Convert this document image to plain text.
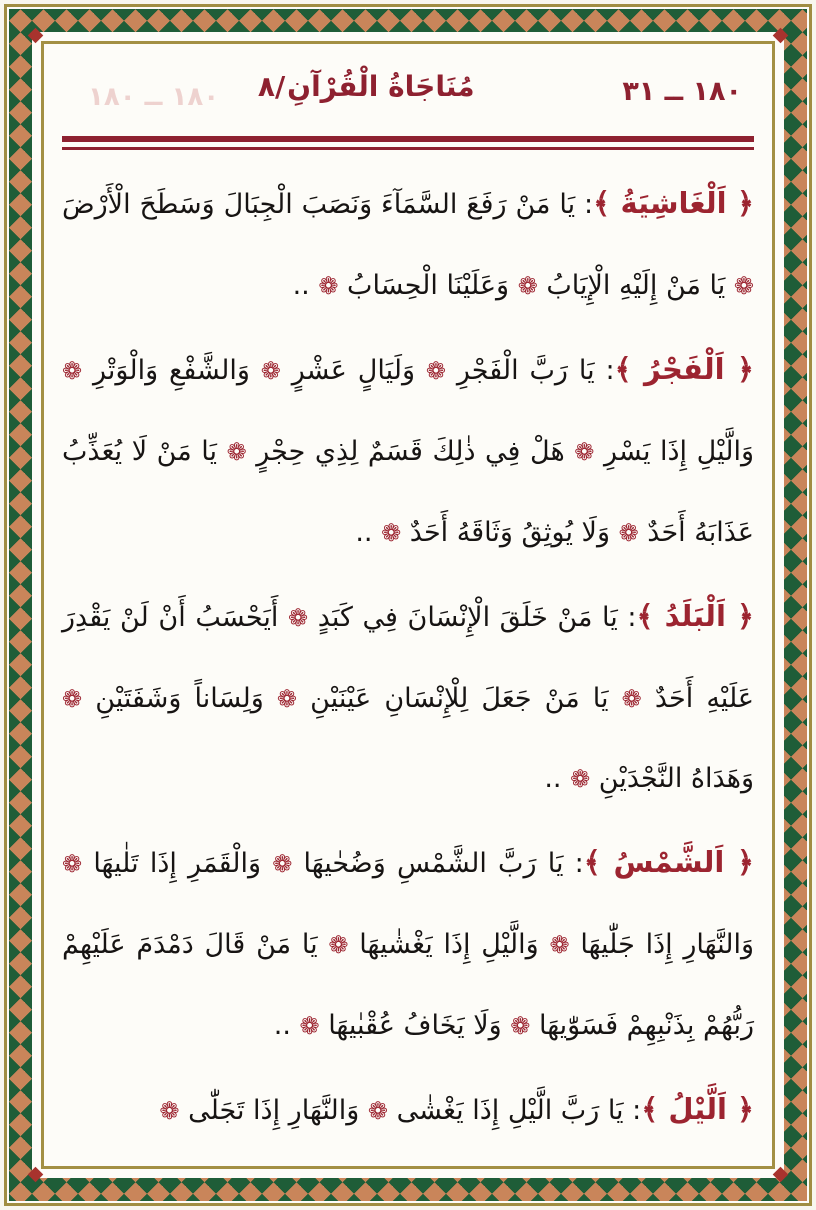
١٨٠ ــ ١٨٠ ٨/ مُنَاجَاةُ الْقُرْآنِ	١٨٠ ــ ٣١

﴿ اَلْغَاشِيَةُ ﴾: يَا مَنْ رَفَعَ السَّمَآءَ وَنَصَبَ الْجِبَالَ وَسَطَحَ الْأَرْضَ ❁ يَا مَنْ إِلَيْهِ الْإِيَابُ ❁ وَعَلَيْنَا الْحِسَابُ ❁ ..

﴿ اَلْفَجْرُ ﴾: يَا رَبَّ الْفَجْرِ ❁ وَلَيَالٍ عَشْرٍ ❁ وَالشَّفْعِ وَالْوَتْرِ ❁ وَالَّيْلِ إِذَا يَسْرِ ❁ هَلْ فِي ذٰلِكَ قَسَمٌ لِذِي حِجْرٍ ❁ يَا مَنْ لَا يُعَذِّبُ عَذَابَهُ أَحَدٌ ❁ وَلَا يُوثِقُ وَثَاقَهُ أَحَدٌ ❁ ..

﴿ اَلْبَلَدُ ﴾: يَا مَنْ خَلَقَ الْإِنْسَانَ فِي كَبَدٍ ❁ أَيَحْسَبُ أَنْ لَنْ يَقْدِرَ عَلَيْهِ أَحَدٌ ❁ يَا مَنْ جَعَلَ لِلْإِنْسَانِ عَيْنَيْنِ ❁ وَلِسَاناً وَشَفَتَيْنِ ❁ وَهَدَاهُ النَّجْدَيْنِ ❁ ..

﴿ اَلشَّمْسُ ﴾: يَا رَبَّ الشَّمْسِ وَضُحٰيهَا ❁ وَالْقَمَرِ إِذَا تَلٰيهَا ❁ وَالنَّهَارِ إِذَا جَلّٰيهَا ❁ وَالَّيْلِ إِذَا يَغْشٰيهَا ❁ يَا مَنْ قَالَ دَمْدَمَ عَلَيْهِمْ رَبُّهُمْ بِذَنْبِهِمْ فَسَوّٰيهَا ❁ وَلَا يَخَافُ عُقْبٰيهَا ❁ ..

﴿ اَلَّيْلُ ﴾: يَا رَبَّ الَّيْلِ إِذَا يَغْشٰى ❁ وَالنَّهَارِ إِذَا تَجَلّٰى ❁
